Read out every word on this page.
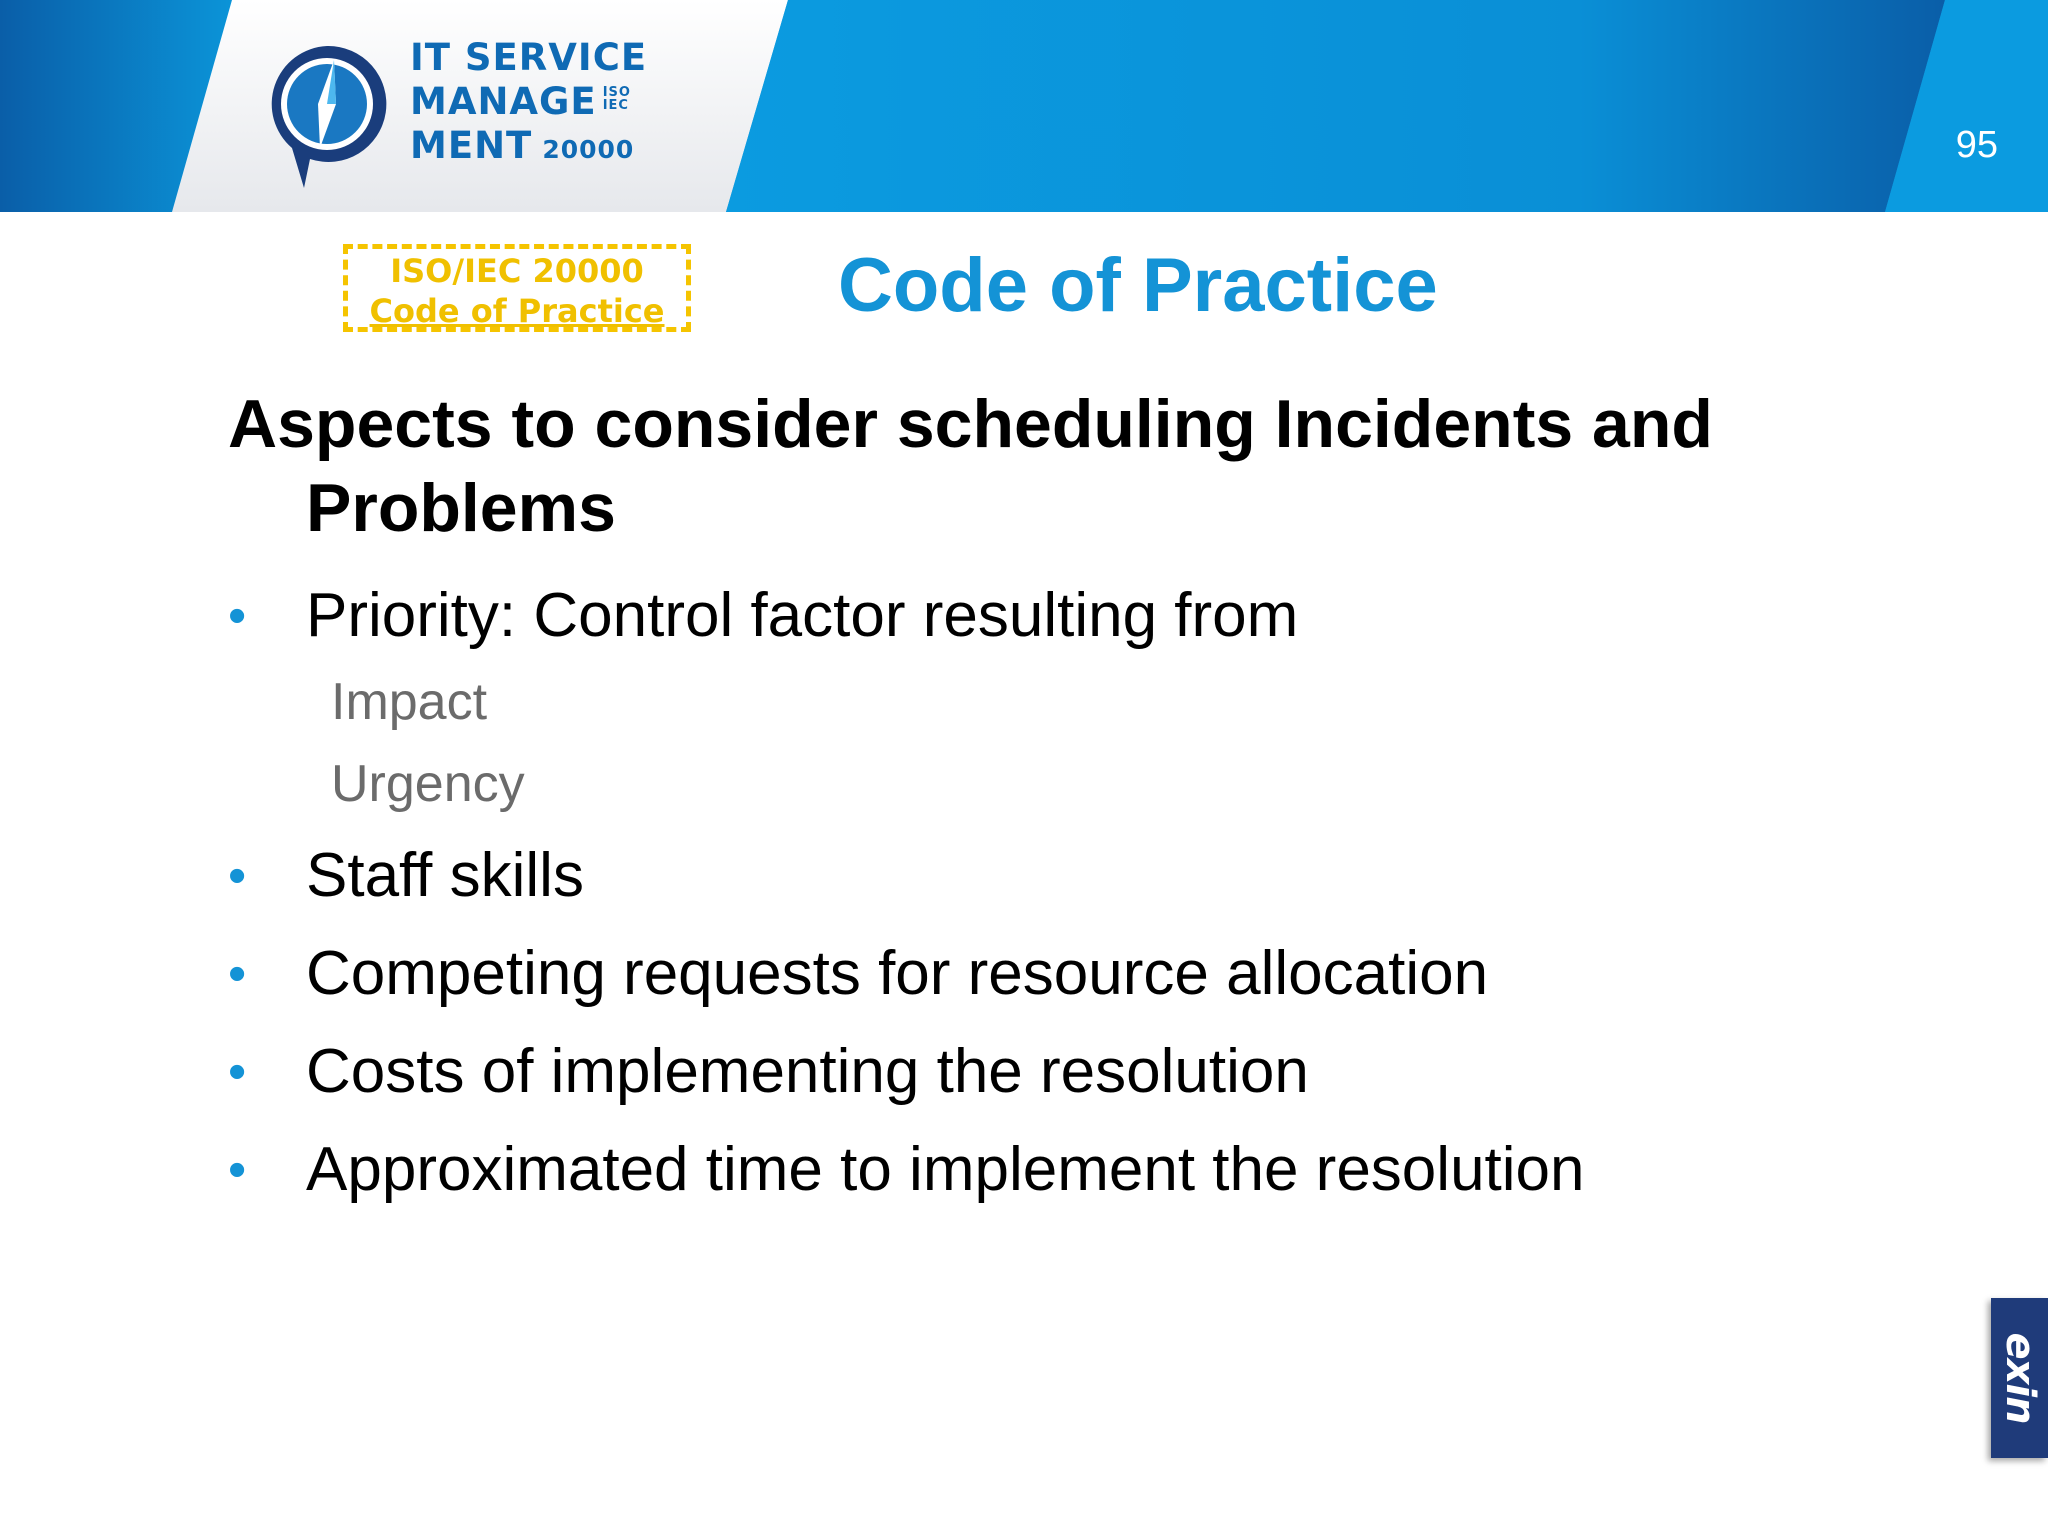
IT SERVICE
MANAGE ISO
IEC
MENT 20000	95
ISO/IEC 20000
Code of Practice Code of Practice
Aspects to consider scheduling Incidents and Problems
• Priority: Control factor resulting from
Impact
Urgency
• Staff skills
• Competing requests for resource allocation
• Costs of implementing the resolution
• Approximated time to implement the resolution
exin
